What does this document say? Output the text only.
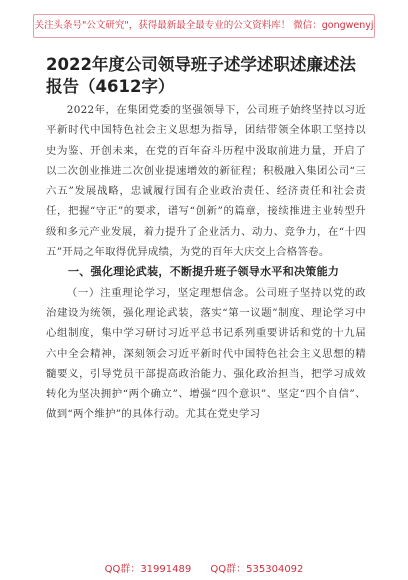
关注头条号"公文研究"，获得最新最全最专业的公文资料库！ 微信：gongwenyj
2022年度公司领导班子述学述职述廉述法报告（4612字）

2022年，在集团党委的坚强领导下，公司班子始终坚持以习近平新时代中国特色社会主义思想为指导，团结带领全体职工坚持以史为鉴、开创未来，在党的百年奋斗历程中汲取前进力量，开启了以二次创业推进二次创业提速增效的新征程；积极融入集团公司“三六五”发展战略，忠诚履行国有企业政治责任、经济责任和社会责任，把握“守正”的要求，谱写“创新”的篇章，接续推进主业转型升级和多元产业发展，着力提升了企业活力、动力、竞争力，在“十四五”开局之年取得优异成绩，为党的百年大庆交上合格答卷。

一、强化理论武装，不断提升班子领导水平和决策能力

（一）注重理论学习，坚定理想信念。公司班子坚持以党的政治建设为统领，强化理论武装，落实“第一议题”制度、理论学习中心组制度，集中学习研讨习近平总书记系列重要讲话和党的十九届六中全会精神，深刻领会习近平新时代中国特色社会主义思想的精髓要义，引导党员干部提高政治能力、强化政治担当，把学习成效转化为坚决拥护“两个确立”、增强“四个意识”、坚定“四个自信”、做到“两个维护”的具体行动。尤其在党史学习

QQ群：31991489 QQ群：535304092
